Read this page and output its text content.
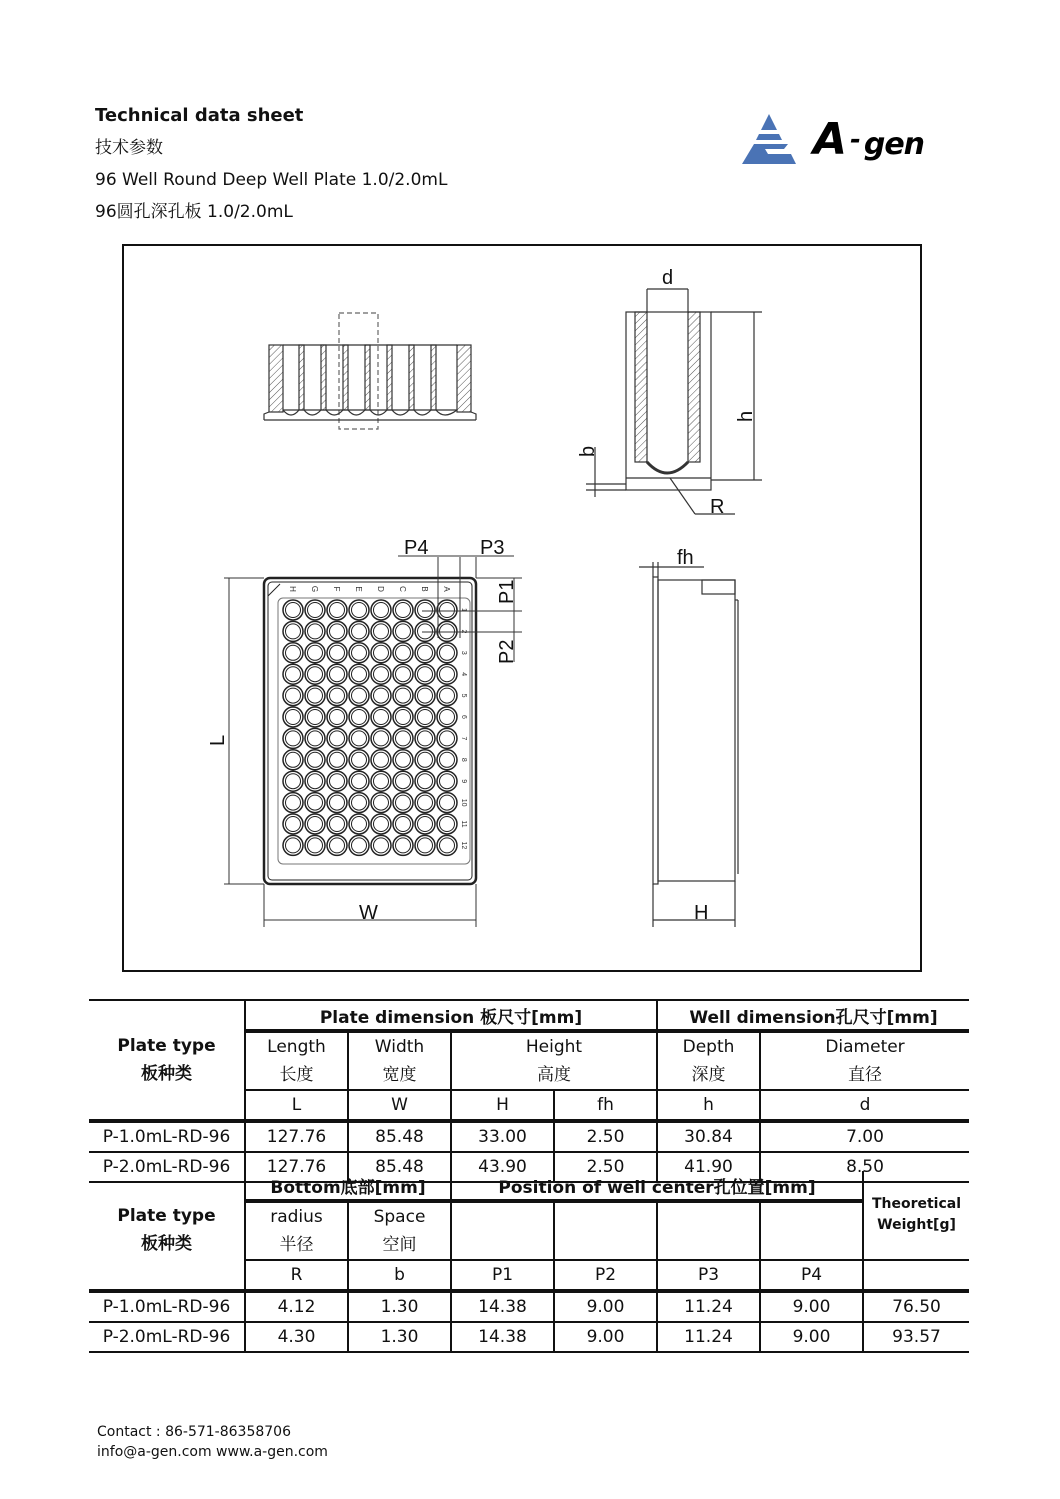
Technical data sheet
技术参数
96 Well Round Deep Well Plate 1.0/2.0mL
96圆孔深孔板 1.0/2.0mL
A - gen
d
h
b
R
H G F E D C B A
1
2
3
4
5
6
7
8
9
10
11
12
L
W
P4	P3
P1
P2
fh
H
Plate type
板种类	Plate dimension 板尺寸[mm]				Well dimension孔尺寸[mm]	

Length
长度

Width
宽度

Height
高度

Depth
深度

Diameter
直径

	L	W	H	fh	h	d
P-1.0mL-RD-96	127.76	85.48	33.00	2.50	30.84	7.00
P-2.0mL-RD-96	127.76	85.48	43.90	2.50	41.90	8.50
Plate type
板种类
	Bottom底部[mm]	Position of well center孔位置[mm]	
Theoretical
Weight[g]

radius
半径

Space
空间

	R	b	P1	P2	P3	P4	
P-1.0mL-RD-96	4.12	1.30	14.38	9.00	11.24	9.00	76.50
P-2.0mL-RD-96	4.30	1.30	14.38	9.00	11.24	9.00	93.57
Contact : 86-571-86358706
info@a-gen.com www.a-gen.com
